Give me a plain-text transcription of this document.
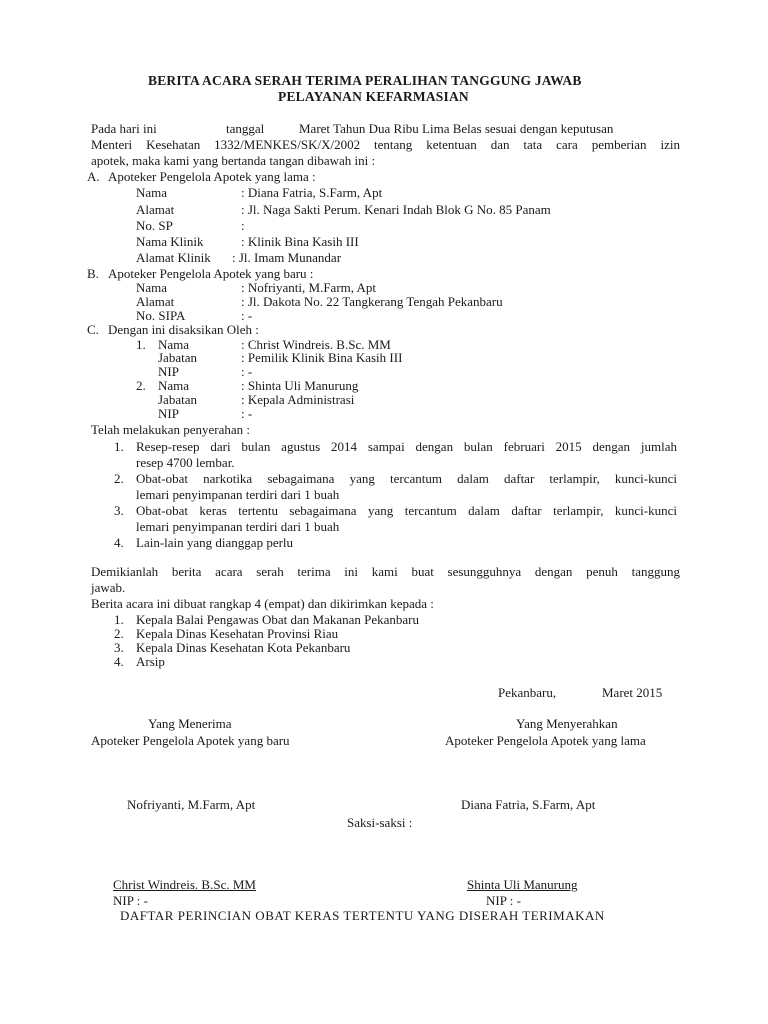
BERITA ACARA SERAH TERIMA PERALIHAN TANGGUNG JAWAB
PELAYANAN KEFARMASIAN
Pada hari ini	tanggal	Maret Tahun Dua Ribu Lima Belas sesuai dengan keputusan
Menteri Kesehatan 1332/MENKES/SK/X/2002 tentang ketentuan dan tata cara pemberian izin
apotek, maka kami yang bertanda tangan dibawah ini :
A. Apoteker Pengelola Apotek yang lama :
Nama	: Diana Fatria, S.Farm, Apt
Alamat	: Jl. Naga Sakti Perum. Kenari Indah Blok G No. 85 Panam
No. SP	:
Nama Klinik	: Klinik Bina Kasih III
Alamat Klinik : Jl. Imam Munandar
B. Apoteker Pengelola Apotek yang baru :
Nama	: Nofriyanti, M.Farm, Apt
Alamat	: Jl. Dakota No. 22 Tangkerang Tengah Pekanbaru
No. SIPA	: -
C. Dengan ini disaksikan Oleh :
1. Nama	: Christ Windreis. B.Sc. MM
Jabatan	: Pemilik Klinik Bina Kasih III
NIP	: -
2. Nama	: Shinta Uli Manurung
Jabatan	: Kepala Administrasi
NIP	: -
Telah melakukan penyerahan :
1. Resep-resep dari bulan agustus 2014 sampai dengan bulan februari 2015 dengan jumlah
resep 4700 lembar.
2. Obat-obat narkotika sebagaimana yang tercantum dalam daftar terlampir, kunci-kunci
lemari penyimpanan terdiri dari 1 buah
3. Obat-obat keras tertentu sebagaimana yang tercantum dalam daftar terlampir, kunci-kunci
lemari penyimpanan terdiri dari 1 buah
4. Lain-lain yang dianggap perlu
Demikianlah berita acara serah terima ini kami buat sesungguhnya dengan penuh tanggung
jawab.
Berita acara ini dibuat rangkap 4 (empat) dan dikirimkan kepada :
1. Kepala Balai Pengawas Obat dan Makanan Pekanbaru
2. Kepala Dinas Kesehatan Provinsi Riau
3. Kepala Dinas Kesehatan Kota Pekanbaru
4. Arsip
Pekanbaru,	Maret 2015
Yang Menerima
Apoteker Pengelola Apotek yang baru
Yang Menyerahkan
Apoteker Pengelola Apotek yang lama
Nofriyanti, M.Farm, Apt	Diana Fatria, S.Farm, Apt
Saksi-saksi :
Christ Windreis. B.Sc. MM
NIP : -
Shinta Uli Manurung
NIP : -
DAFTAR PERINCIAN OBAT KERAS TERTENTU YANG DISERAH TERIMAKAN
